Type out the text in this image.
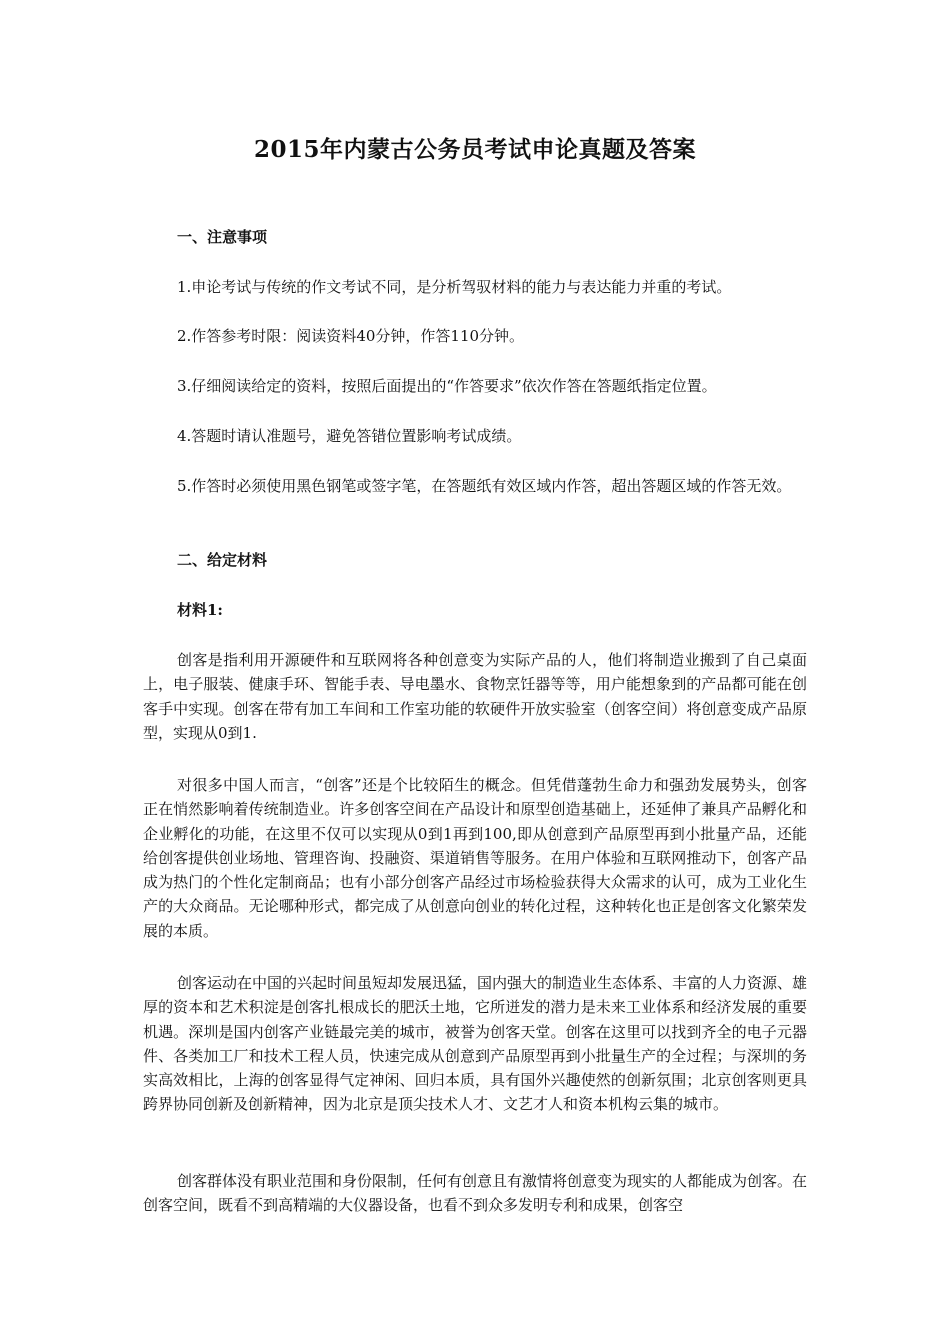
2015年内蒙古公务员考试申论真题及答案
一、注意事项

1.申论考试与传统的作文考试不同，是分析驾驭材料的能力与表达能力并重的考试。

2.作答参考时限：阅读资料40分钟，作答110分钟。

3.仔细阅读给定的资料，按照后面提出的“作答要求”依次作答在答题纸指定位置。

4.答题时请认准题号，避免答错位置影响考试成绩。

5.作答时必须使用黑色钢笔或签字笔，在答题纸有效区域内作答，超出答题区域的作答无效。

二、给定材料
材料1:

创客是指利用开源硬件和互联网将各种创意变为实际产品的人，他们将制造业搬到了自己桌面上，电子服装、健康手环、智能手表、导电墨水、食物烹饪器等等，用户能想象到的产品都可能在创客手中实现。创客在带有加工车间和工作室功能的软硬件开放实验室（创客空间）将创意变成产品原型，实现从0到1.

对很多中国人而言，“创客”还是个比较陌生的概念。但凭借蓬勃生命力和强劲发展势头，创客正在悄然影响着传统制造业。许多创客空间在产品设计和原型创造基础上，还延伸了兼具产品孵化和企业孵化的功能，在这里不仅可以实现从0到1再到100,即从创意到产品原型再到小批量产品，还能给创客提供创业场地、管理咨询、投融资、渠道销售等服务。在用户体验和互联网推动下，创客产品成为热门的个性化定制商品；也有小部分创客产品经过市场检验获得大众需求的认可，成为工业化生产的大众商品。无论哪种形式，都完成了从创意向创业的转化过程，这种转化也正是创客文化繁荣发展的本质。

创客运动在中国的兴起时间虽短却发展迅猛，国内强大的制造业生态体系、丰富的人力资源、雄厚的资本和艺术积淀是创客扎根成长的肥沃土地，它所迸发的潜力是未来工业体系和经济发展的重要机遇。深圳是国内创客产业链最完美的城市，被誉为创客天堂。创客在这里可以找到齐全的电子元器件、各类加工厂和技术工程人员，快速完成从创意到产品原型再到小批量生产的全过程；与深圳的务实高效相比，上海的创客显得气定神闲、回归本质，具有国外兴趣使然的创新氛围；北京创客则更具跨界协同创新及创新精神，因为北京是顶尖技术人才、文艺才人和资本机构云集的城市。

创客群体没有职业范围和身份限制，任何有创意且有激情将创意变为现实的人都能成为创客。在创客空间，既看不到高精端的大仪器设备，也看不到众多发明专利和成果，创客空
